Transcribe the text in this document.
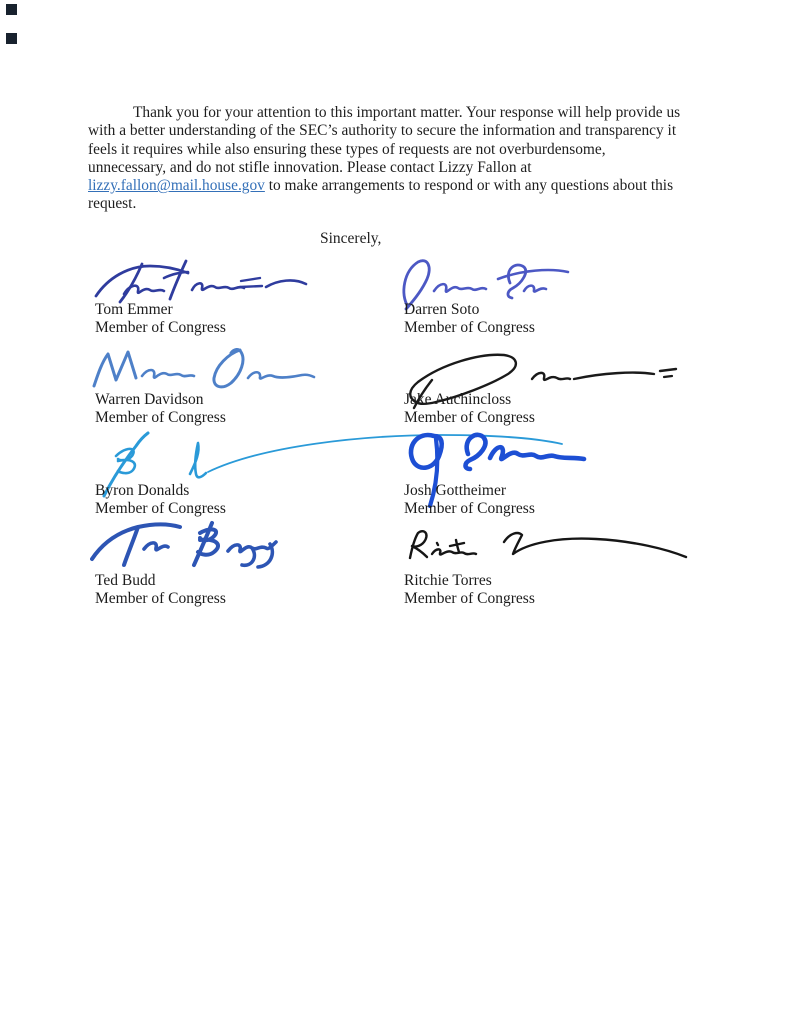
Thank you for your attention to this important matter. Your response will help provide us
with a better understanding of the SEC’s authority to secure the information and transparency it
feels it requires while also ensuring these types of requests are not overburdensome,
unnecessary, and do not stifle innovation. Please contact Lizzy Fallon at
lizzy.fallon@mail.house.gov to make arrangements to respond or with any questions about this
request.
Sincerely,
Tom Emmer
Member of Congress
Darren Soto
Member of Congress
Warren Davidson
Member of Congress
Jake Auchincloss
Member of Congress
Byron Donalds
Member of Congress
Josh Gottheimer
Member of Congress
Ted Budd
Member of Congress
Ritchie Torres
Member of Congress
